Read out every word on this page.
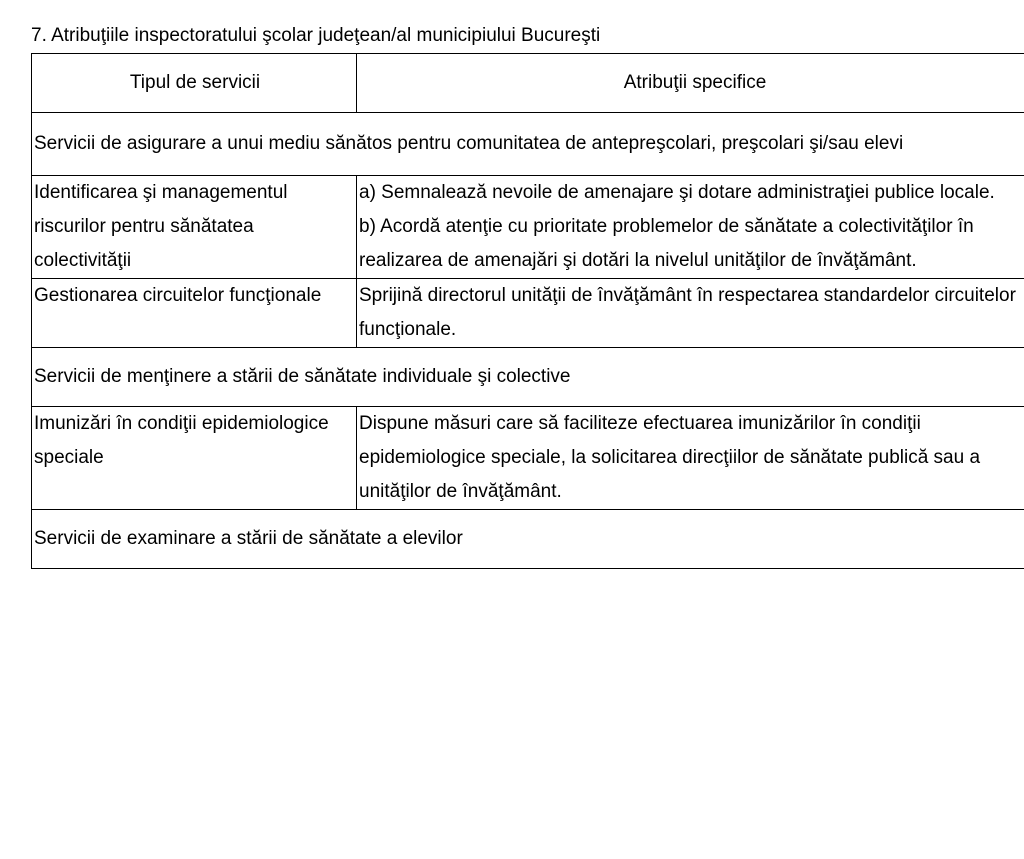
7. Atribuţiile inspectoratului şcolar judeţean/al municipiului Bucureşti
Tipul de servicii	Atribuţii specifice
Servicii de asigurare a unui mediu sănătos pentru comunitatea de antepreşcolari, preşcolari şi/sau elevi	
Identificarea şi managementul riscurilor pentru sănătatea colectivităţii	a) Semnalează nevoile de amenajare şi dotare administraţiei publice locale.
b) Acordă atenţie cu prioritate problemelor de sănătate a colectivităţilor în realizarea de amenajări şi dotări la nivelul unităţilor de învăţământ.

Gestionarea circuitelor funcţionale	Sprijină directorul unităţii de învăţământ în respectarea standardelor circuitelor funcţionale.
Servicii de menţinere a stării de sănătate individuale şi colective	
Imunizări în condiţii epidemiologice speciale	Dispune măsuri care să faciliteze efectuarea imunizărilor în condiţii epidemiologice speciale, la solicitarea direcţiilor de sănătate publică sau a unităţilor de învăţământ.
Servicii de examinare a stării de sănătate a elevilor	
